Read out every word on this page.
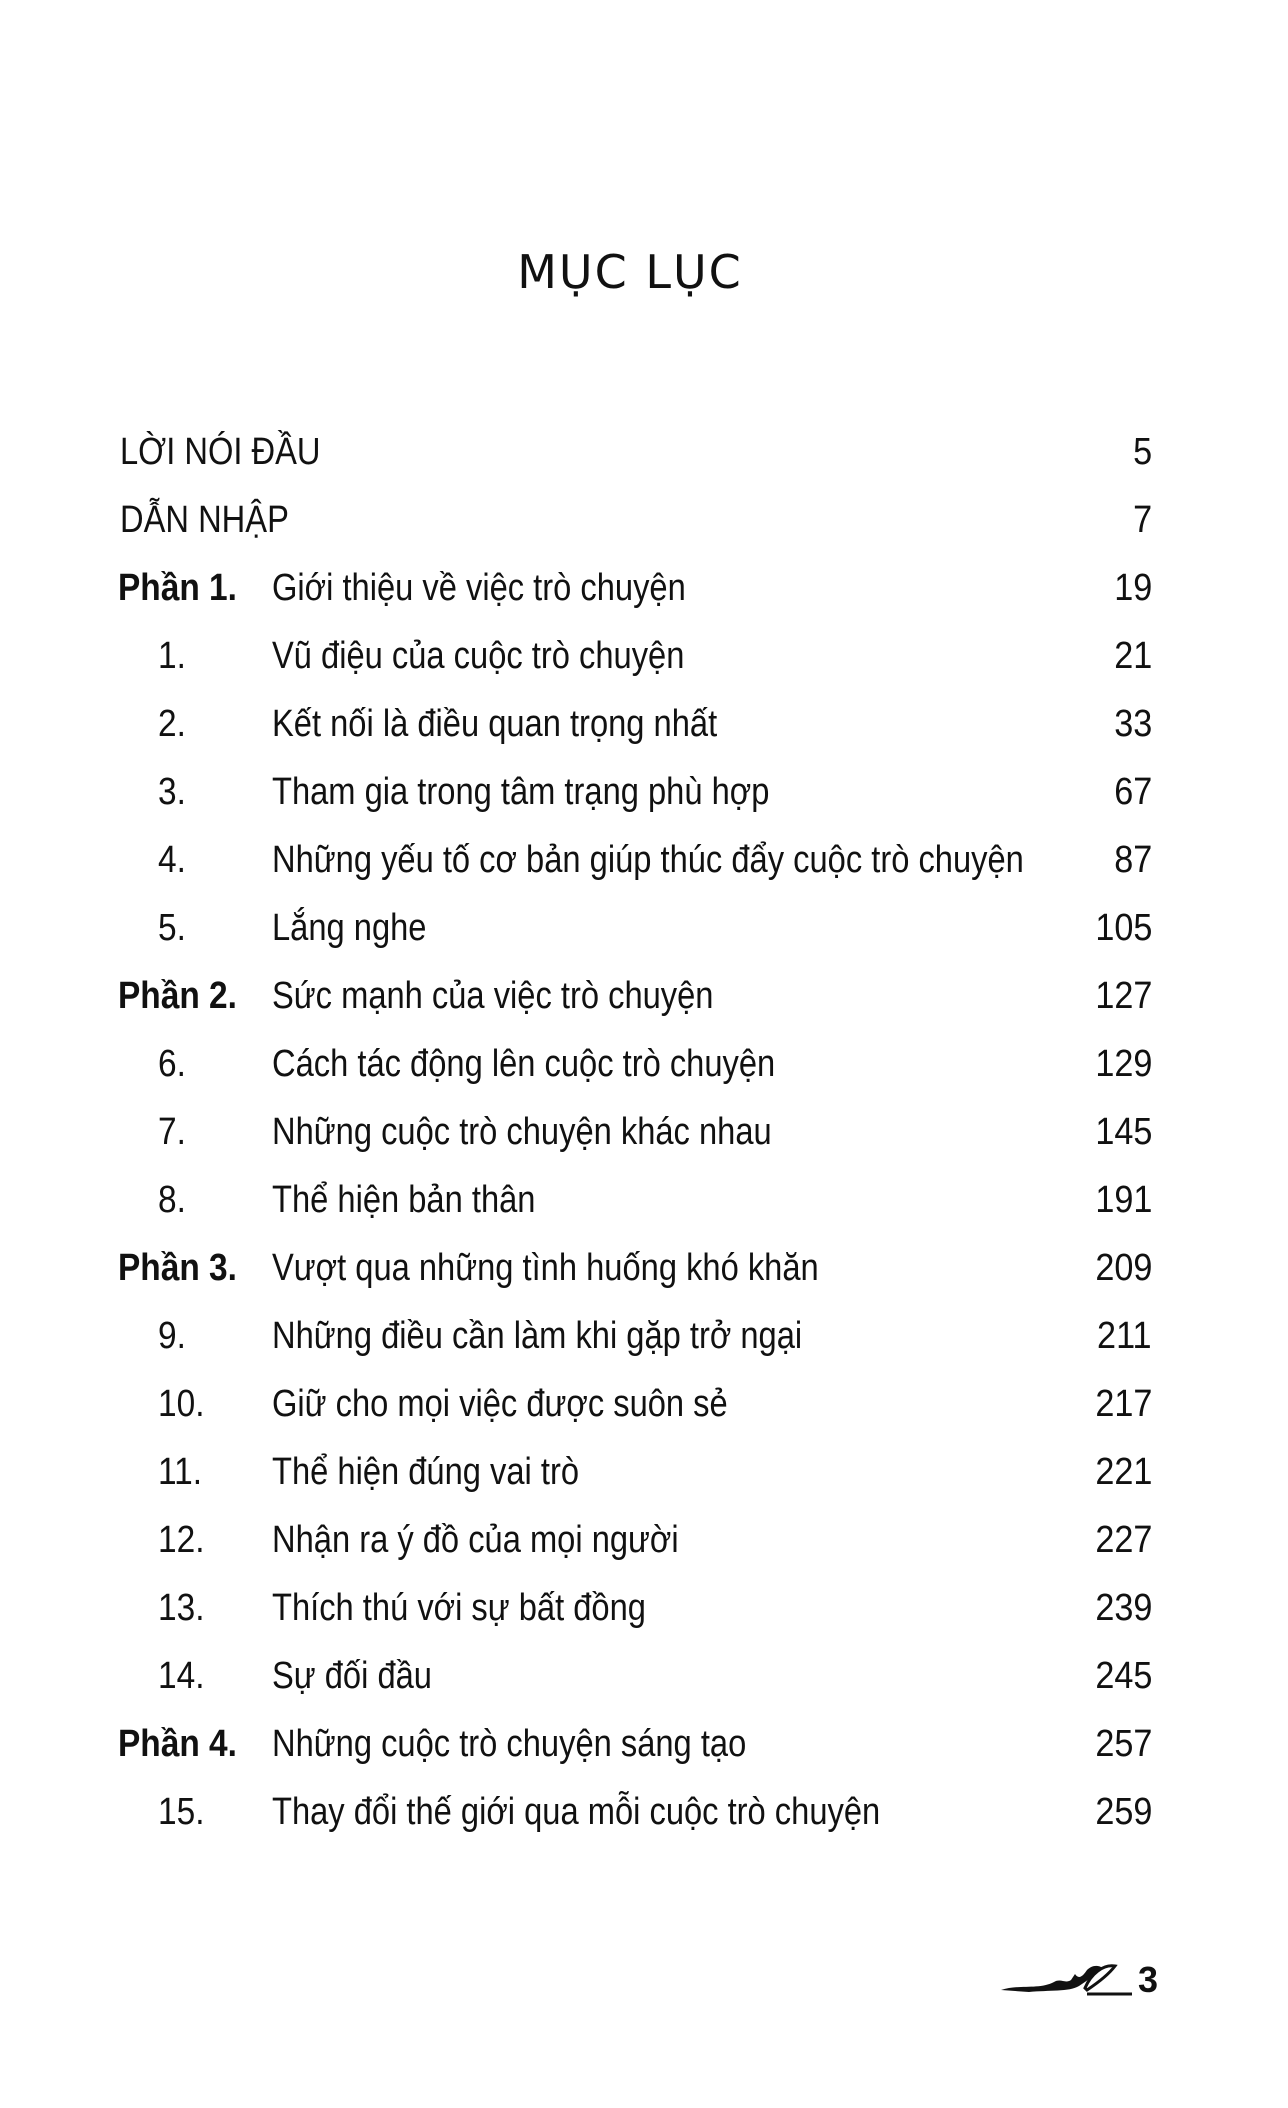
MỤC LỤC
LỜI NÓI ĐẦU	5
DẪN NHẬP	7
Phần 1. Giới thiệu về việc trò chuyện	19
1.	Vũ điệu của cuộc trò chuyện	21
2.	Kết nối là điều quan trọng nhất	33
3.	Tham gia trong tâm trạng phù hợp	67
4.	Những yếu tố cơ bản giúp thúc đẩy cuộc trò chuyện 87
5.	Lắng nghe	105
Phần 2. Sức mạnh của việc trò chuyện	127
6.	Cách tác động lên cuộc trò chuyện	129
7.	Những cuộc trò chuyện khác nhau	145
8.	Thể hiện bản thân	191
Phần 3. Vượt qua những tình huống khó khăn	209
9.	Những điều cần làm khi gặp trở ngại	211
10.	Giữ cho mọi việc được suôn sẻ	217
11.	Thể hiện đúng vai trò	221
12.	Nhận ra ý đồ của mọi người	227
13.	Thích thú với sự bất đồng	239
14.	Sự đối đầu	245
Phần 4. Những cuộc trò chuyện sáng tạo	257
15.	Thay đổi thế giới qua mỗi cuộc trò chuyện	259
3
